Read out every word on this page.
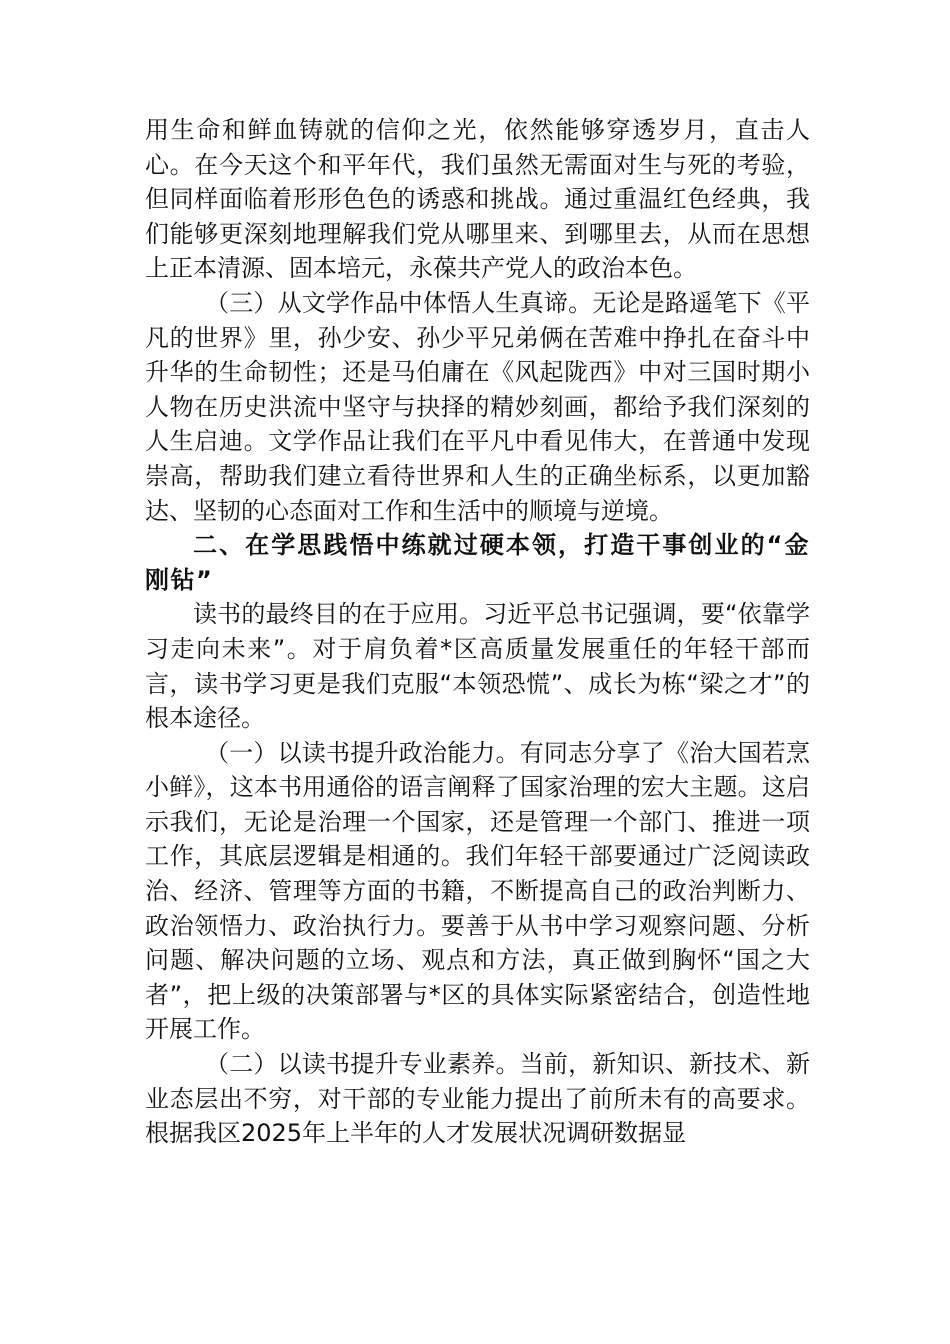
用生命和鲜血铸就的信仰之光，依然能够穿透岁月，直击人心。在今天这个和平年代，我们虽然无需面对生与死的考验，但同样面临着形形色色的诱惑和挑战。通过重温红色经典，我们能够更深刻地理解我们党从哪里来、到哪里去，从而在思想上正本清源、固本培元，永葆共产党人的政治本色。

（三）从文学作品中体悟人生真谛。无论是路遥笔下《平凡的世界》里，孙少安、孙少平兄弟俩在苦难中挣扎在奋斗中升华的生命韧性；还是马伯庸在《风起陇西》中对三国时期小人物在历史洪流中坚守与抉择的精妙刻画，都给予我们深刻的人生启迪。文学作品让我们在平凡中看见伟大，在普通中发现崇高，帮助我们建立看待世界和人生的正确坐标系，以更加豁达、坚韧的心态面对工作和生活中的顺境与逆境。

二、在学思践悟中练就过硬本领，打造干事创业的“金刚钻”

读书的最终目的在于应用。习近平总书记强调，要“依靠学习走向未来”。对于肩负着*区高质量发展重任的年轻干部而言，读书学习更是我们克服“本领恐慌”、成长为栋“梁之才”的根本途径。

（一）以读书提升政治能力。有同志分享了《治大国若烹小鲜》，这本书用通俗的语言阐释了国家治理的宏大主题。这启示我们，无论是治理一个国家，还是管理一个部门、推进一项工作，其底层逻辑是相通的。我们年轻干部要通过广泛阅读政治、经济、管理等方面的书籍，不断提高自己的政治判断力、政治领悟力、政治执行力。要善于从书中学习观察问题、分析问题、解决问题的立场、观点和方法，真正做到胸怀“国之大者”，把上级的决策部署与*区的具体实际紧密结合，创造性地开展工作。

（二）以读书提升专业素养。当前，新知识、新技术、新业态层出不穷，对干部的专业能力提出了前所未有的高要求。根据我区2025年上半年的人才发展状况调研数据显
